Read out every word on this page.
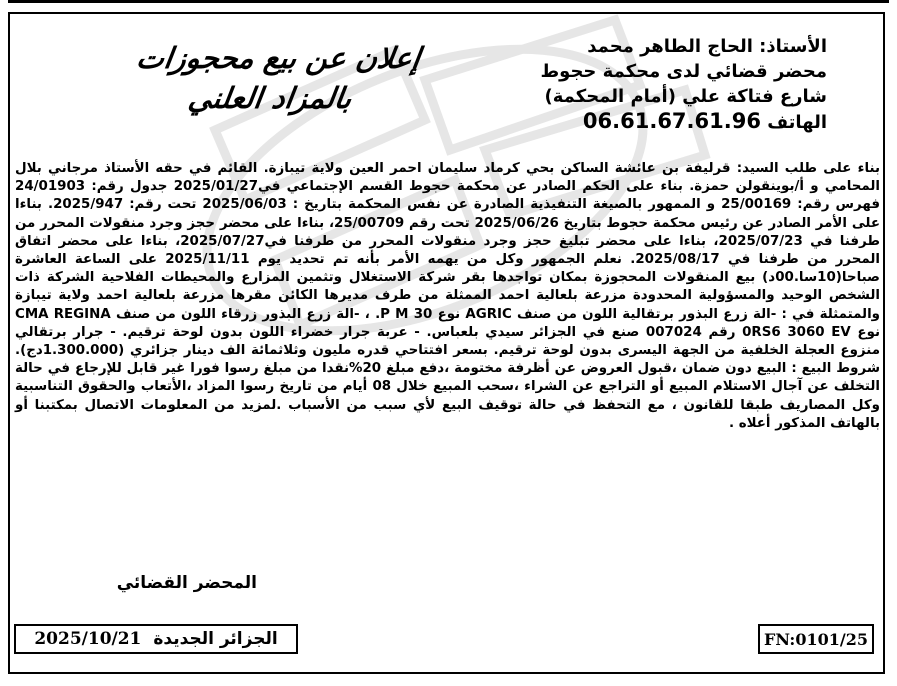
الأستاذ: الحاج الطاهر محمد
محضر قضائي لدى محكمة حجوط
شارع فتاكة علي (أمام المحكمة)
الهاتف 06.61.67.61.96
إعلان عن بيع محجوزات
بالمزاد العلني

بناء على طلب السيد: قرليفة بن عائشة الساكن بحي كرماد سليمان احمر العين ولاية تيبازة. القائم في حقه الأستاذ مرجاني بلال المحامي و أ/بوينقولن حمزة. بناء على الحكم الصادر عن محكمة حجوط القسم الإجتماعي في2025/01/27 جدول رقم: 24/01903 فهرس رقم: 25/00169 و الممهور بالصيغة التنفيذية الصادرة عن نفس المحكمة بتاريخ : 2025/06/03 تحت رقم: 2025/947. بناءا على الأمر الصادر عن رئيس محكمة حجوط بتاريخ 2025/06/26 تحت رقم 25/00709، بناءا على محضر حجز وجرد منقولات المحرر من طرفنا في 2025/07/23، بناءا على محضر تبليغ حجز وجرد منقولات المحرر من طرفنا في2025/07/27، بناءا على محضر اتفاق المحرر من طرفنا في 2025/08/17. نعلم الجمهور وكل من يهمه الأمر بأنه تم تحديد يوم 2025/11/11 على الساعة العاشرة صباحا(10سا.00د) بيع المنقولات المحجوزة بمكان تواجدها بقر شركة الاستغلال وتثمين المزارع والمحيطات الفلاحية الشركة ذات الشخص الوحيد والمسؤولية المحدودة مزرعة بلعالية احمد الممثلة من طرف مديرها الكائن مقرها مزرعة بلعالية احمد ولاية تيبازة والمتمثلة في : -الة زرع البذور برتقالية اللون من صنف AGRIC نوع P M 30. ، -الة زرع البذور زرقاء اللون من صنف CMA REGINA نوع 0RS6 3060 EV رقم 007024 صنع في الجزائر سيدي بلعباس. - عربة جرار خضراء اللون بدون لوحة ترقيم. - جرار برتقالي منزوع العجلة الخلفية من الجهة اليسرى بدون لوحة ترقيم. بسعر افتتاحي قدره مليون وثلاثمائة الف دينار جزائري (1.300.000دج). شروط البيع : البيع دون ضمان ،قبول العروض عن أظرفة مختومة ،دفع مبلغ 20%نقدا من مبلغ رسوا فورا غير قابل للإرجاع في حالة التخلف عن آجال الاستلام المبيع أو التراجع عن الشراء ،سحب المبيع خلال 08 أيام من تاريخ رسوا المزاد ،الأتعاب والحقوق التناسبية وكل المصاريف طبقا للقانون ، مع التحفظ في حالة توقيف البيع لأي سبب من الأسباب .لمزيد من المعلومات الاتصال بمكتبنا أو بالهاتف المذكور أعلاه .

المحضر القضائي
2025/10/21 الجزائر الجديدة	FN:0101/25
